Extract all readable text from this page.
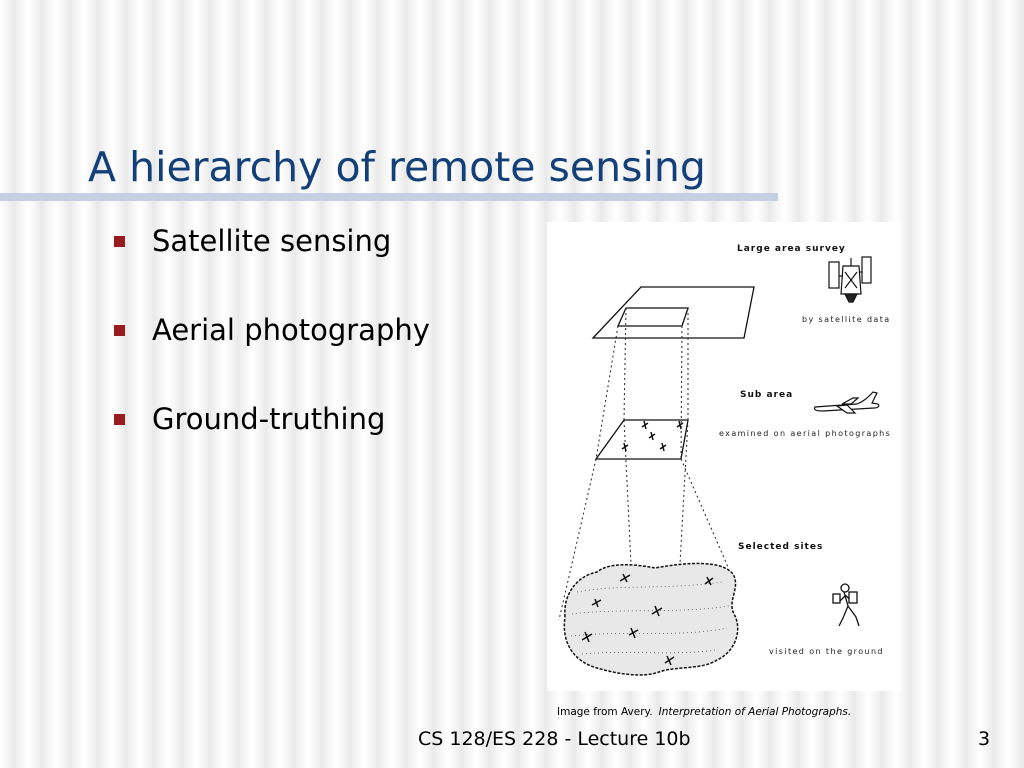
A hierarchy of remote sensing
Satellite sensing
Aerial photography
Ground-truthing
Large area survey
by satellite data
Sub area
examined on aerial photographs
Selected sites
visited on the ground
Image from Avery. Interpretation of Aerial Photographs.
CS 128/ES 228 - Lecture 10b	3
